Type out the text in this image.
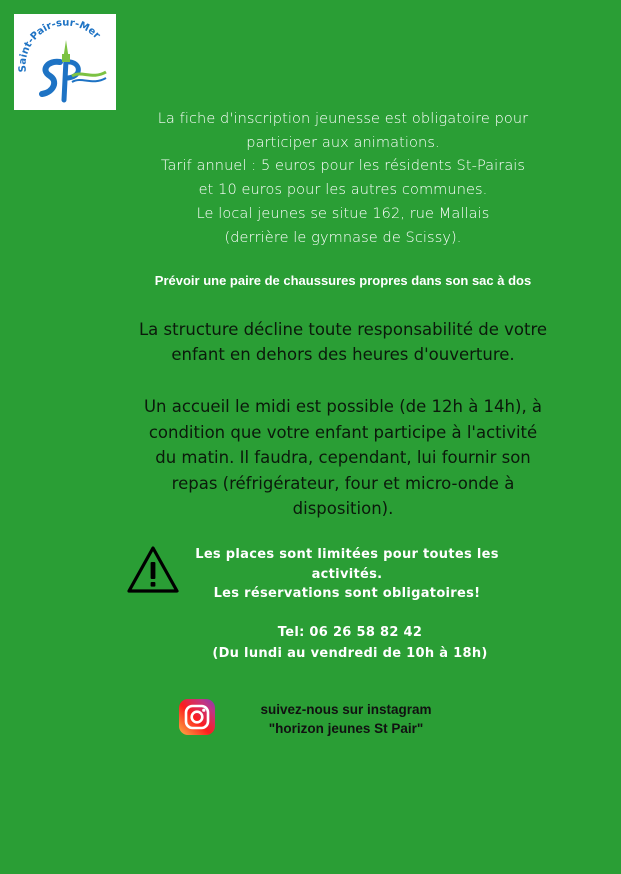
Saint-Pair-sur-Mer

La fiche d'inscription jeunesse est obligatoire pour
participer aux animations.
Tarif annuel : 5 euros pour les résidents St-Pairais
et 10 euros pour les autres communes.
Le local jeunes se situe 162, rue Mallais
(derrière le gymnase de Scissy).

Prévoir une paire de chaussures propres dans son sac à dos

La structure décline toute responsabilité de votre
enfant en dehors des heures d'ouverture.

Un accueil le midi est possible (de 12h à 14h), à
condition que votre enfant participe à l'activité
du matin. Il faudra, cependant, lui fournir son
repas (réfrigérateur, four et micro-onde à
disposition).

Les places sont limitées pour toutes les
activités.
Les réservations sont obligatoires!
Tel: 06 26 58 82 42
(Du lundi au vendredi de 10h à 18h)
suivez-nous sur instagram
"horizon jeunes St Pair"
